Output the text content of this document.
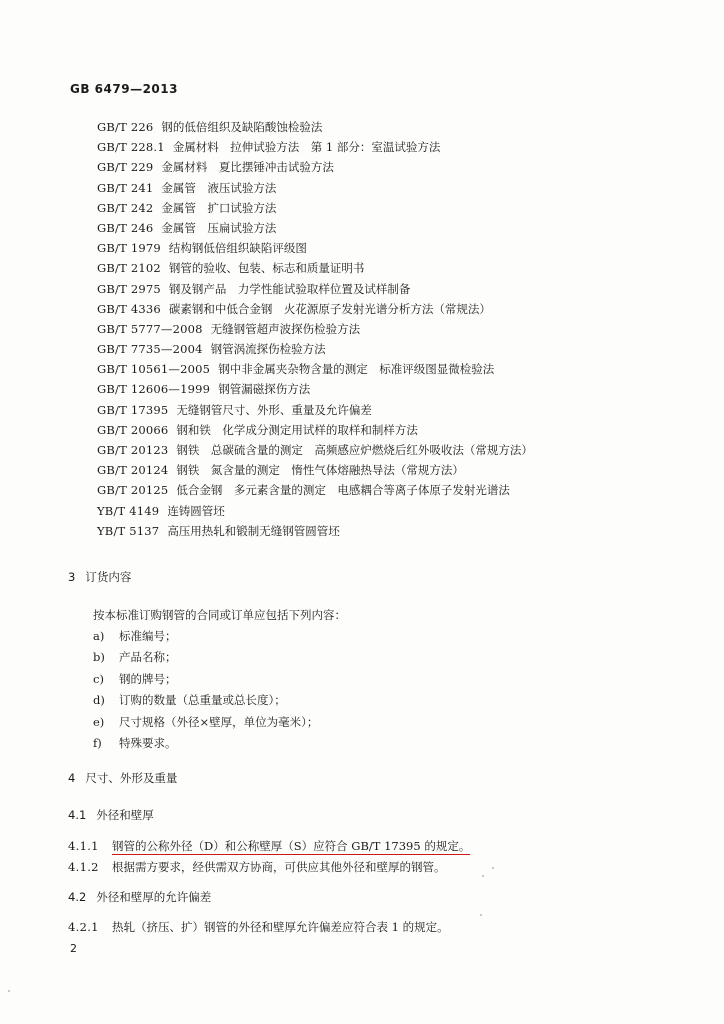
GB 6479—2013
GB/T 226 钢的低倍组织及缺陷酸蚀检验法
GB/T 228.1 金属材料　拉伸试验方法　第 1 部分：室温试验方法
GB/T 229 金属材料　夏比摆锤冲击试验方法
GB/T 241 金属管　液压试验方法
GB/T 242 金属管　扩口试验方法
GB/T 246 金属管　压扁试验方法
GB/T 1979 结构钢低倍组织缺陷评级图
GB/T 2102 钢管的验收、包装、标志和质量证明书
GB/T 2975 钢及钢产品　力学性能试验取样位置及试样制备
GB/T 4336 碳素钢和中低合金钢　火花源原子发射光谱分析方法（常规法）
GB/T 5777—2008 无缝钢管超声波探伤检验方法
GB/T 7735—2004 钢管涡流探伤检验方法
GB/T 10561—2005 钢中非金属夹杂物含量的测定　标准评级图显微检验法
GB/T 12606—1999 钢管漏磁探伤方法
GB/T 17395 无缝钢管尺寸、外形、重量及允许偏差
GB/T 20066 钢和铁　化学成分测定用试样的取样和制样方法
GB/T 20123 钢铁　总碳硫含量的测定　高频感应炉燃烧后红外吸收法（常规方法）
GB/T 20124 钢铁　氮含量的测定　惰性气体熔融热导法（常规方法）
GB/T 20125 低合金钢　多元素含量的测定　电感耦合等离子体原子发射光谱法
YB/T 4149 连铸圆管坯
YB/T 5137 高压用热轧和锻制无缝钢管圆管坯
3 订货内容
按本标准订购钢管的合同或订单应包括下列内容：
a) 标准编号；
b) 产品名称；
c) 钢的牌号；
d) 订购的数量（总重量或总长度）；
e) 尺寸规格（外径×壁厚，单位为毫米）；
f) 特殊要求。
4 尺寸、外形及重量
4.1 外径和壁厚
4.1.1 钢管的公称外径（D）和公称壁厚（S）应符合 GB/T 17395 的规定。
4.1.2 根据需方要求，经供需双方协商，可供应其他外径和壁厚的钢管。
4.2 外径和壁厚的允许偏差
4.2.1 热轧（挤压、扩）钢管的外径和壁厚允许偏差应符合表 1 的规定。
2
